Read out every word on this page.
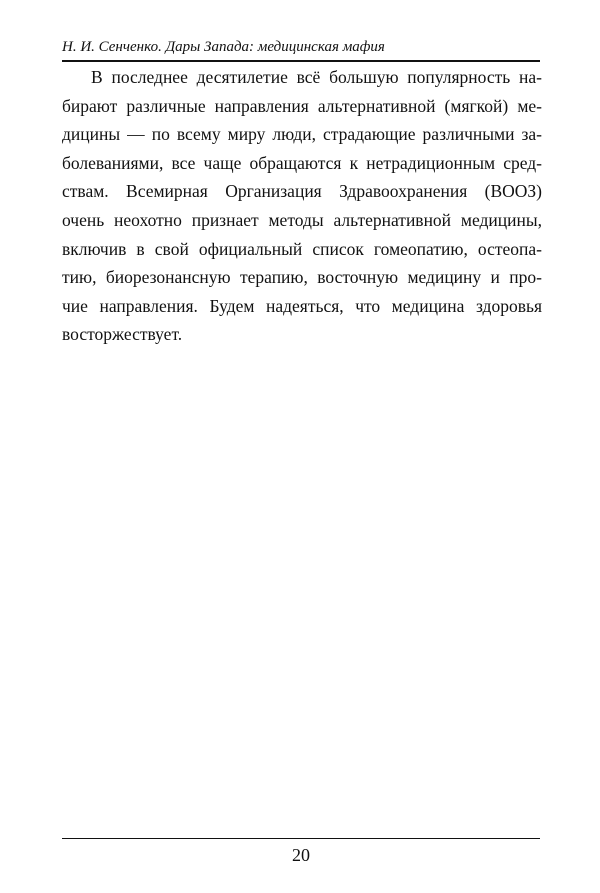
Н. И. Сенченко. Дары Запада: медицинская мафия
В последнее десятилетие всё большую популярность на-
бирают различные направления альтернативной (мягкой) ме-
дицины — по всему миру люди, страдающие различными за-
болеваниями, все чаще обращаются к нетрадиционным сред-
ствам. Всемирная Организация Здравоохранения (ВООЗ)
очень неохотно признает методы альтернативной медицины,
включив в свой официальный список гомеопатию, остеопа-
тию, биорезонансную терапию, восточную медицину и про-
чие направления. Будем надеяться, что медицина здоровья
восторжествует.
20
